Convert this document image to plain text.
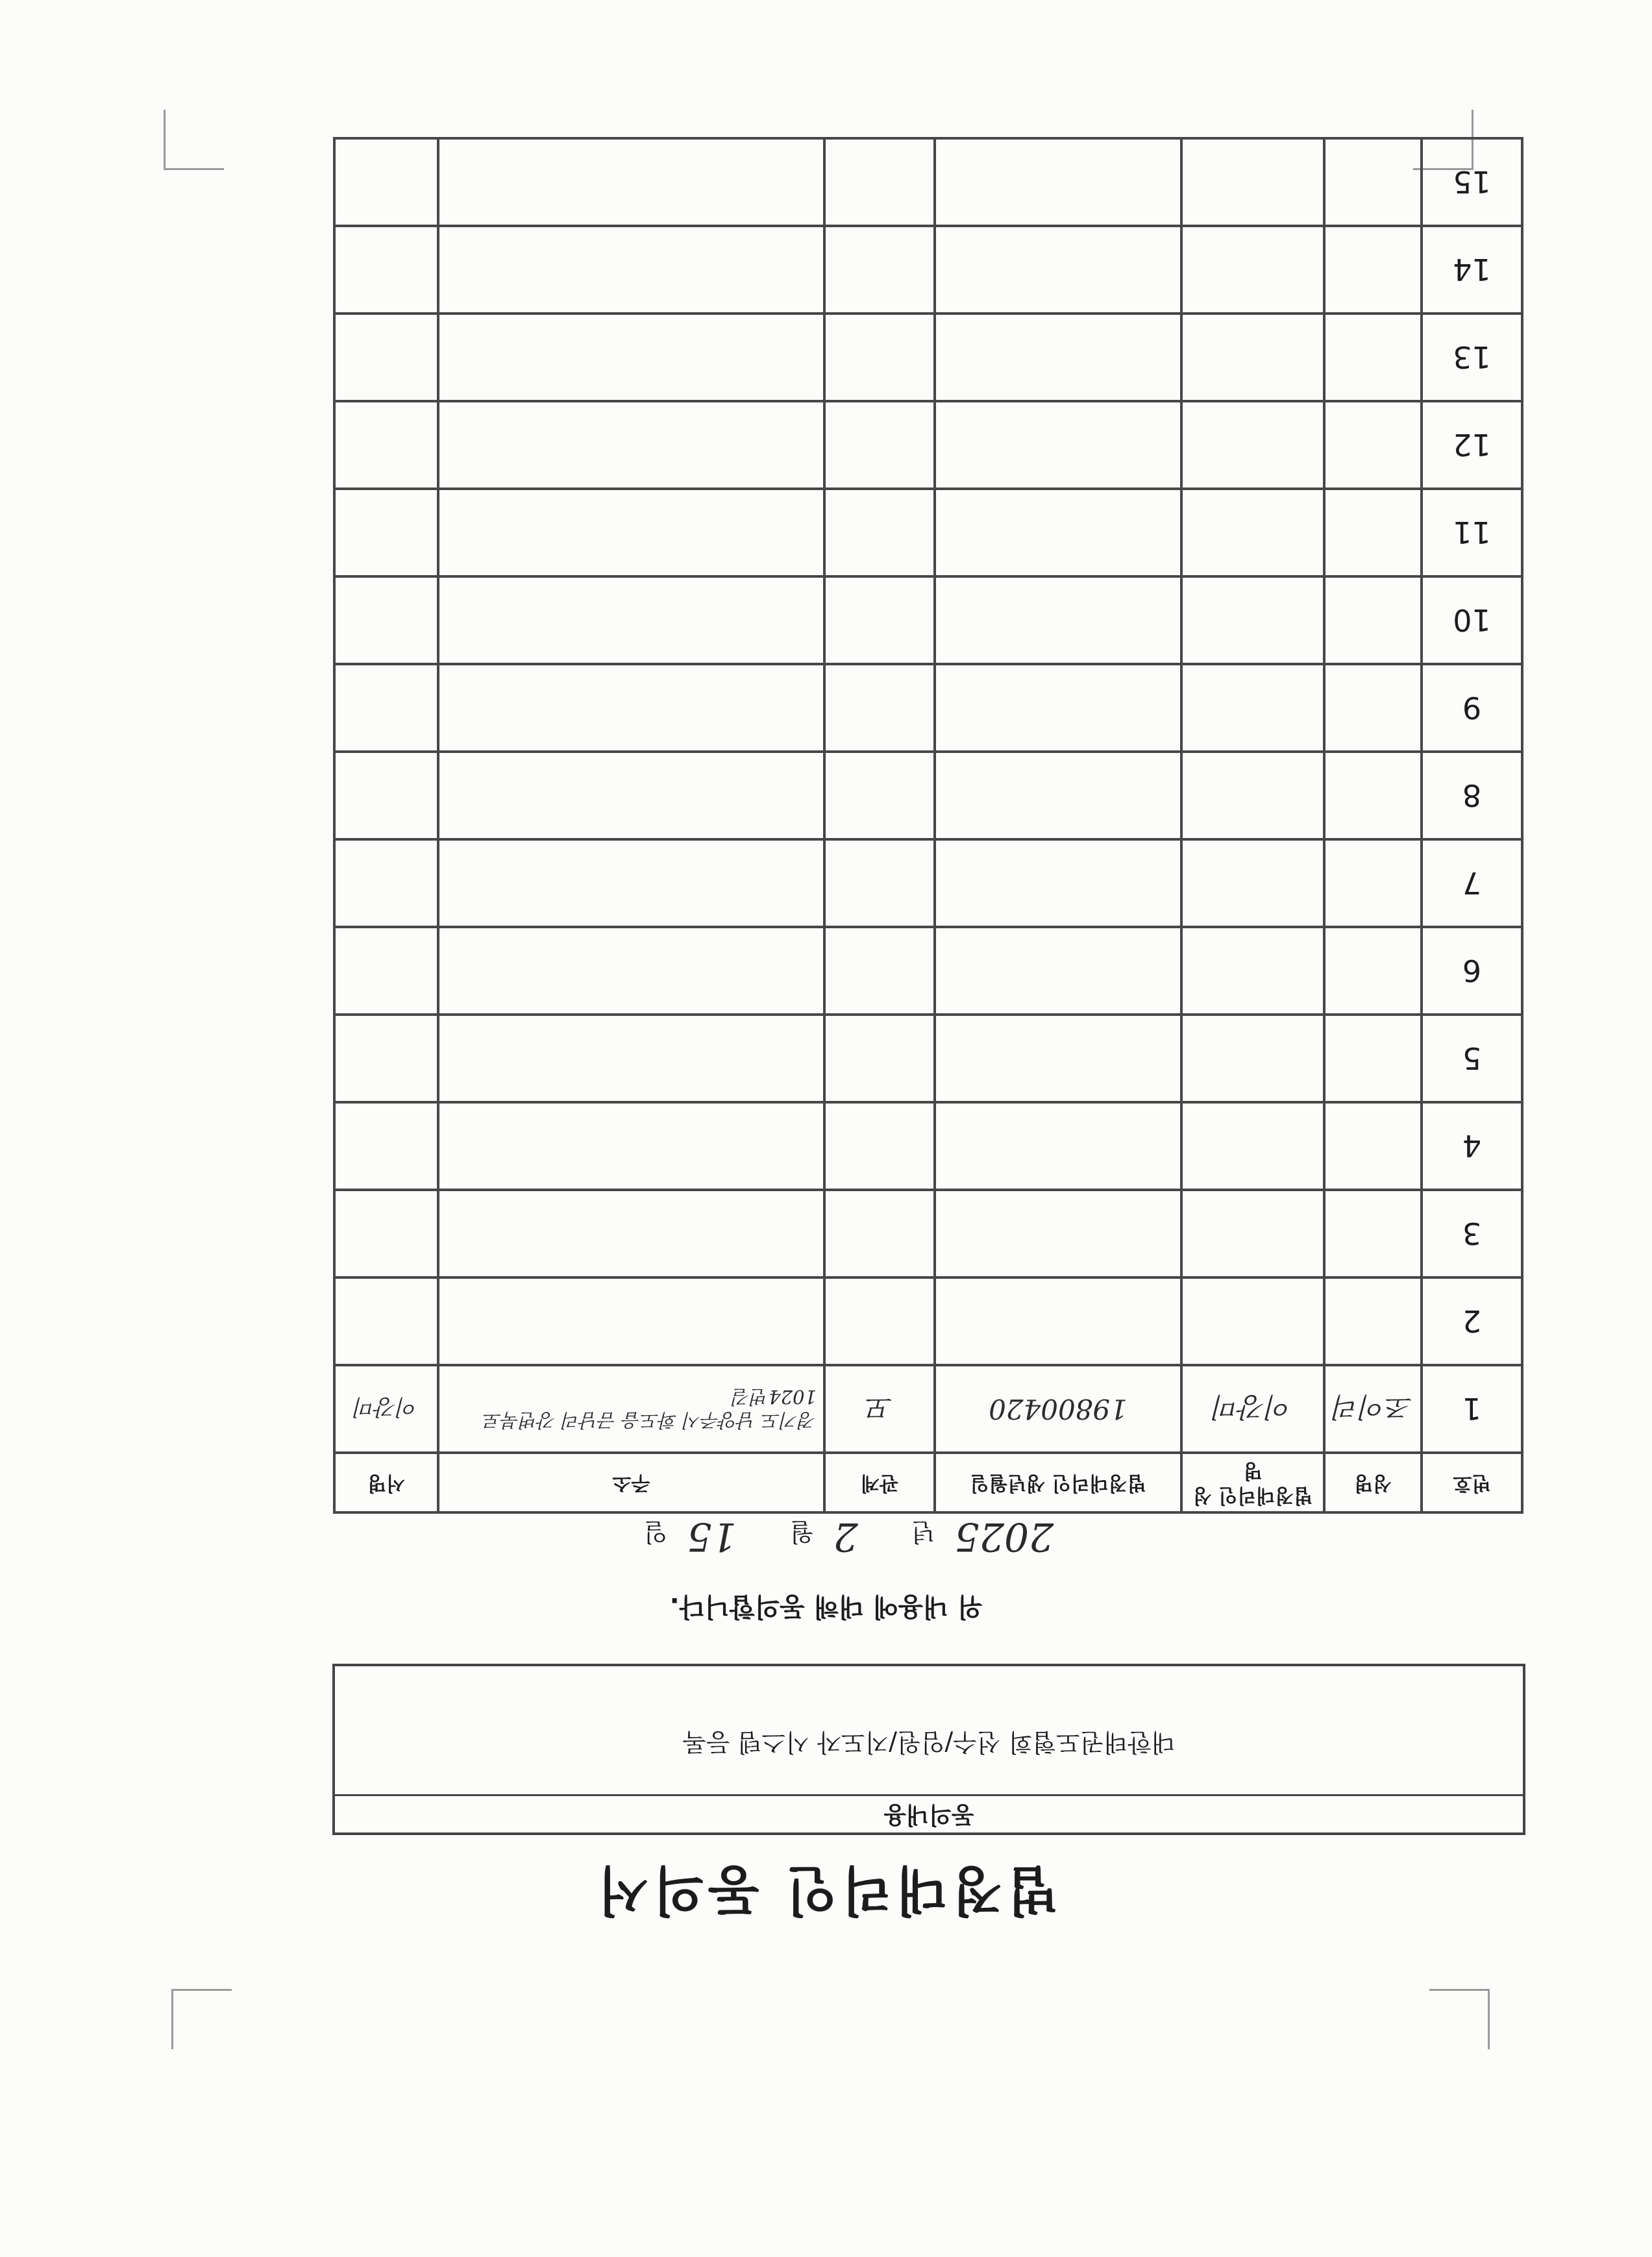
법정대리인 동의서
동의내용
대한태권도협회 선수/임원/지도자 시스템 등록
위 내용에 대해 동의합니다.
2025년 2월 15일
번호	성명	법정대리인 성명	법정대리인 생년월일	관계	주소	서명
1	조이리	이강미	19800420	모	경기도 남양주시 화도읍 금남리 강변북로 1024번길	이강미
2						
3						
4						
5						
6						
7						
8						
9						
10						
11						
12						
13						
14						
15						
